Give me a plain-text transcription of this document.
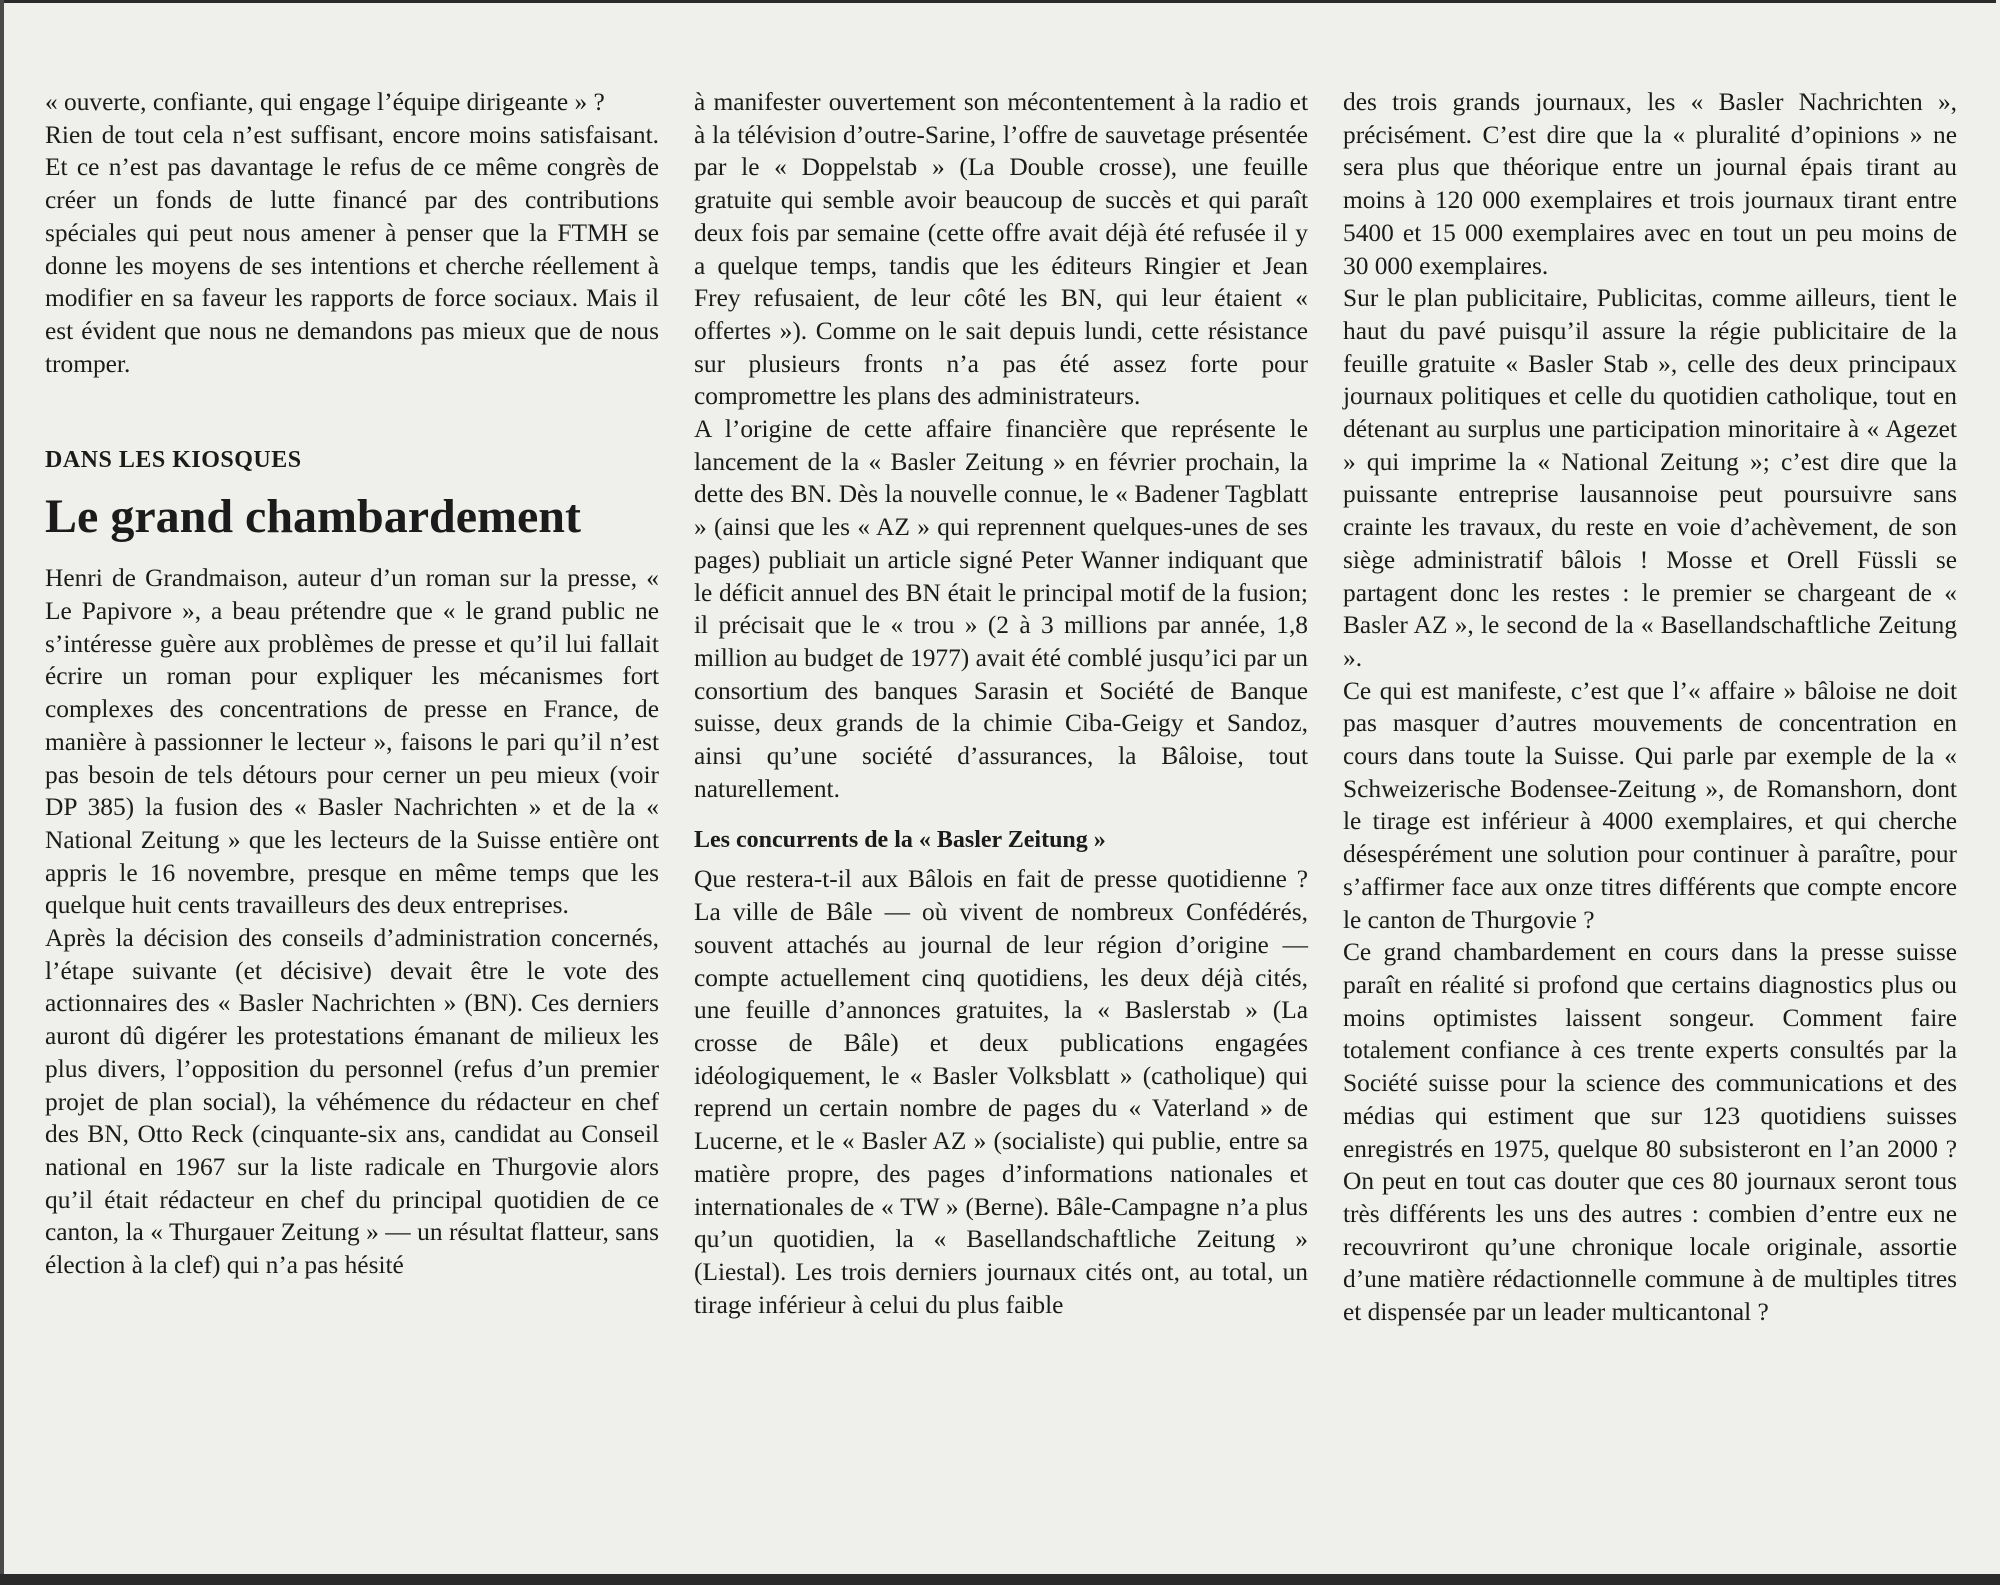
« ouverte, confiante, qui engage l’équipe dirigeante » ?

Rien de tout cela n’est suffisant, encore moins satisfaisant. Et ce n’est pas davantage le refus de ce même congrès de créer un fonds de lutte financé par des contributions spéciales qui peut nous amener à penser que la FTMH se donne les moyens de ses intentions et cherche réellement à modifier en sa faveur les rapports de force sociaux. Mais il est évident que nous ne demandons pas mieux que de nous tromper.

DANS LES KIOSQUES
Le grand chambardement

Henri de Grandmaison, auteur d’un roman sur la presse, « Le Papivore », a beau prétendre que « le grand public ne s’intéresse guère aux problèmes de presse et qu’il lui fallait écrire un roman pour expliquer les mécanismes fort complexes des concentrations de presse en France, de manière à passionner le lecteur », faisons le pari qu’il n’est pas besoin de tels détours pour cerner un peu mieux (voir DP 385) la fusion des « Basler Nachrichten » et de la « National Zeitung » que les lecteurs de la Suisse entière ont appris le 16 novembre, presque en même temps que les quelque huit cents travailleurs des deux entreprises.

Après la décision des conseils d’administration concernés, l’étape suivante (et décisive) devait être le vote des actionnaires des « Basler Nachrichten » (BN). Ces derniers auront dû digérer les protestations émanant de milieux les plus divers, l’opposition du personnel (refus d’un premier projet de plan social), la véhémence du rédacteur en chef des BN, Otto Reck (cinquante-six ans, candidat au Conseil national en 1967 sur la liste radicale en Thurgovie alors qu’il était rédacteur en chef du principal quotidien de ce canton, la « Thurgauer Zeitung » — un résultat flatteur, sans élection à la clef) qui n’a pas hésité

à manifester ouvertement son mécontentement à la radio et à la télévision d’outre-Sarine, l’offre de sauvetage présentée par le « Doppelstab » (La Double crosse), une feuille gratuite qui semble avoir beaucoup de succès et qui paraît deux fois par semaine (cette offre avait déjà été refusée il y a quelque temps, tandis que les éditeurs Ringier et Jean Frey refusaient, de leur côté les BN, qui leur étaient « offertes »). Comme on le sait depuis lundi, cette résistance sur plusieurs fronts n’a pas été assez forte pour compromettre les plans des administrateurs.

A l’origine de cette affaire financière que représente le lancement de la « Basler Zeitung » en février prochain, la dette des BN. Dès la nouvelle connue, le « Badener Tagblatt » (ainsi que les « AZ » qui reprennent quelques-unes de ses pages) publiait un article signé Peter Wanner indiquant que le déficit annuel des BN était le principal motif de la fusion; il précisait que le « trou » (2 à 3 millions par année, 1,8 million au budget de 1977) avait été comblé jusqu’ici par un consortium des banques Sarasin et Société de Banque suisse, deux grands de la chimie Ciba-Geigy et Sandoz, ainsi qu’une société d’assurances, la Bâloise, tout naturellement.

Les concurrents de la « Basler Zeitung »

Que restera-t-il aux Bâlois en fait de presse quotidienne ? La ville de Bâle — où vivent de nombreux Confédérés, souvent attachés au journal de leur région d’origine — compte actuellement cinq quotidiens, les deux déjà cités, une feuille d’annonces gratuites, la « Baslerstab » (La crosse de Bâle) et deux publications engagées idéologiquement, le « Basler Volksblatt » (catholique) qui reprend un certain nombre de pages du « Vaterland » de Lucerne, et le « Basler AZ » (socialiste) qui publie, entre sa matière propre, des pages d’informations nationales et internationales de « TW » (Berne). Bâle-Campagne n’a plus qu’un quotidien, la « Basellandschaftliche Zeitung » (Liestal). Les trois derniers journaux cités ont, au total, un tirage inférieur à celui du plus faible

des trois grands journaux, les « Basler Nachrichten », précisément. C’est dire que la « pluralité d’opinions » ne sera plus que théorique entre un journal épais tirant au moins à 120 000 exemplaires et trois journaux tirant entre 5400 et 15 000 exemplaires avec en tout un peu moins de 30 000 exemplaires.

Sur le plan publicitaire, Publicitas, comme ailleurs, tient le haut du pavé puisqu’il assure la régie publicitaire de la feuille gratuite « Basler Stab », celle des deux principaux journaux politiques et celle du quotidien catholique, tout en détenant au surplus une participation minoritaire à « Agezet » qui imprime la « National Zeitung »; c’est dire que la puissante entreprise lausannoise peut poursuivre sans crainte les travaux, du reste en voie d’achèvement, de son siège administratif bâlois ! Mosse et Orell Füssli se partagent donc les restes : le premier se chargeant de « Basler AZ », le second de la « Basellandschaftliche Zeitung ».

Ce qui est manifeste, c’est que l’« affaire » bâloise ne doit pas masquer d’autres mouvements de concentration en cours dans toute la Suisse. Qui parle par exemple de la « Schweizerische Bodensee-Zeitung », de Romanshorn, dont le tirage est inférieur à 4000 exemplaires, et qui cherche désespérément une solution pour continuer à paraître, pour s’affirmer face aux onze titres différents que compte encore le canton de Thurgovie ?

Ce grand chambardement en cours dans la presse suisse paraît en réalité si profond que certains diagnostics plus ou moins optimistes laissent songeur. Comment faire totalement confiance à ces trente experts consultés par la Société suisse pour la science des communications et des médias qui estiment que sur 123 quotidiens suisses enregistrés en 1975, quelque 80 subsisteront en l’an 2000 ? On peut en tout cas douter que ces 80 journaux seront tous très différents les uns des autres : combien d’entre eux ne recouvriront qu’une chronique locale originale, assortie d’une matière rédactionnelle commune à de multiples titres et dispensée par un leader multicantonal ?
